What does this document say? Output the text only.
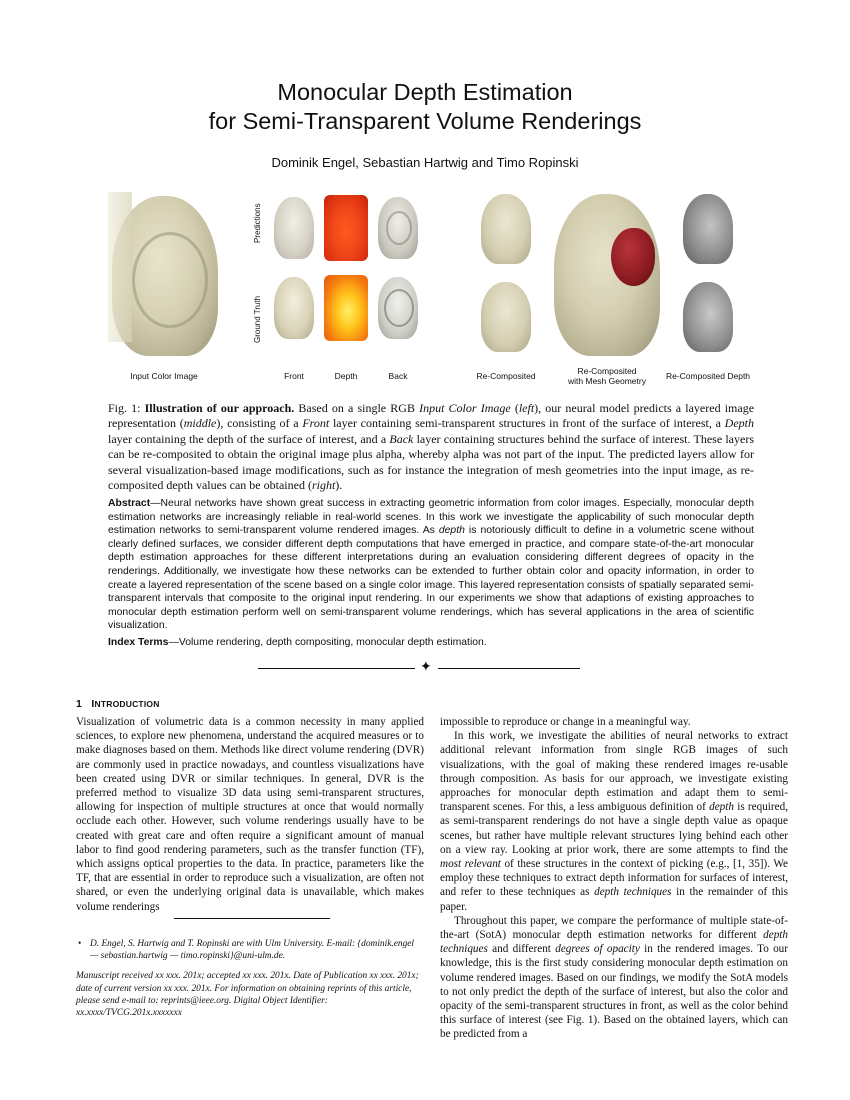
Monocular Depth Estimation
for Semi-Transparent Volume Renderings
Dominik Engel, Sebastian Hartwig and Timo Ropinski
Predictions
Ground Truth
Input Color Image	Front	Depth	Back	Re-Composited	Re-Composited
with Mesh Geometry	Re-Composited Depth
Fig. 1: Illustration of our approach. Based on a single RGB Input Color Image (left), our neural model predicts a layered image representation (middle), consisting of a Front layer containing semi-transparent structures in front of the surface of interest, a Depth layer containing the depth of the surface of interest, and a Back layer containing structures behind the surface of interest. These layers can be re-composited to obtain the original image plus alpha, whereby alpha was not part of the input. The predicted layers allow for several visualization-based image modifications, such as for instance the integration of mesh geometries into the input image, as re-composited depth values can be obtained (right).
Abstract—Neural networks have shown great success in extracting geometric information from color images. Especially, monocular depth estimation networks are increasingly reliable in real-world scenes. In this work we investigate the applicability of such monocular depth estimation networks to semi-transparent volume rendered images. As depth is notoriously difficult to define in a volumetric scene without clearly defined surfaces, we consider different depth computations that have emerged in practice, and compare state-of-the-art monocular depth estimation approaches for these different interpretations during an evaluation considering different degrees of opacity in the renderings. Additionally, we investigate how these networks can be extended to further obtain color and opacity information, in order to create a layered representation of the scene based on a single color image. This layered representation consists of spatially separated semi-transparent intervals that composite to the original input rendering. In our experiments we show that adaptions of existing approaches to monocular depth estimation perform well on semi-transparent volume renderings, which has several applications in the area of scientific visualization.
Index Terms—Volume rendering, depth compositing, monocular depth estimation.
✦
1 INTRODUCTION

Visualization of volumetric data is a common necessity in many applied sciences, to explore new phenomena, understand the acquired measures or to make diagnoses based on them. Methods like direct volume rendering (DVR) are commonly used in practice nowadays, and countless visualizations have been created using DVR or similar techniques. In general, DVR is the preferred method to visualize 3D data using semi-transparent structures, allowing for inspection of multiple structures at once that would normally occlude each other. However, such volume renderings usually have to be created with great care and often require a significant amount of manual labor to find good rendering parameters, such as the transfer function (TF), which assigns optical properties to the data. In practice, parameters like the TF, that are essential in order to reproduce such a visualization, are often not shared, or even the underlying original data is unavailable, which makes volume renderings

• D. Engel, S. Hartwig and T. Ropinski are with Ulm University. E-mail: {dominik.engel — sebastian.hartwig — timo.ropinski}@uni-ulm.de.
Manuscript received xx xxx. 201x; accepted xx xxx. 201x. Date of Publication xx xxx. 201x; date of current version xx xxx. 201x. For information on obtaining reprints of this article, please send e-mail to: reprints@ieee.org. Digital Object Identifier: xx.xxxx/TVCG.201x.xxxxxxx

impossible to reproduce or change in a meaningful way.

In this work, we investigate the abilities of neural networks to extract additional relevant information from single RGB images of such visualizations, with the goal of making these rendered images re-usable through composition. As basis for our approach, we investigate existing approaches for monocular depth estimation and adapt them to semi-transparent scenes. For this, a less ambiguous definition of depth is required, as semi-transparent renderings do not have a single depth value as opaque scenes, but rather have multiple relevant structures lying behind each other on a view ray. Looking at prior work, there are some attempts to find the most relevant of these structures in the context of picking (e.g., [1, 35]). We employ these techniques to extract depth information for surfaces of interest, and refer to these techniques as depth techniques in the remainder of this paper.

Throughout this paper, we compare the performance of multiple state-of-the-art (SotA) monocular depth estimation networks for different depth techniques and different degrees of opacity in the rendered images. To our knowledge, this is the first study considering monocular depth estimation on volume rendered images. Based on our findings, we modify the SotA models to not only predict the depth of the surface of interest, but also the color and opacity of the semi-transparent structures in front, as well as the color behind this surface of interest (see Fig. 1). Based on the obtained layers, which can be predicted from a
